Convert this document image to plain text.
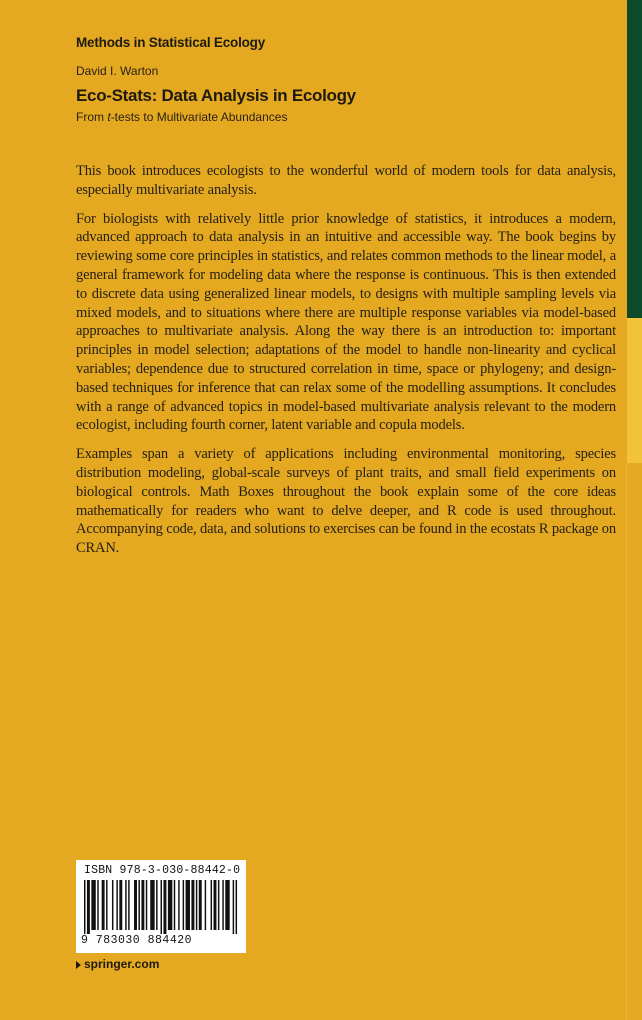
Methods in Statistical Ecology
David I. Warton
Eco-Stats: Data Analysis in Ecology
From t-tests to Multivariate Abundances

This book introduces ecologists to the wonderful world of modern tools for data analysis, especially multivariate analysis.

For biologists with relatively little prior knowledge of statistics, it introduces a modern, advanced approach to data analysis in an intuitive and accessible way. The book begins by reviewing some core principles in statistics, and relates common methods to the linear model, a general framework for modeling data where the response is continuous. This is then extended to discrete data using generalized linear models, to designs with multiple sampling levels via mixed models, and to situations where there are multiple response variables via model-based approaches to multivariate analysis. Along the way there is an introduction to: important principles in model selection; adaptations of the model to handle non-linearity and cyclical variables; dependence due to structured correlation in time, space or phylogeny; and design-based techniques for inference that can relax some of the modelling assumptions. It concludes with a range of advanced topics in model-based multivariate analysis relevant to the modern ecologist, including fourth corner, latent variable and copula models.

Examples span a variety of applications including environmental monitoring, species distribution modeling, global-scale surveys of plant traits, and small field experiments on biological controls. Math Boxes throughout the book explain some of the core ideas mathematically for readers who want to delve deeper, and R code is used throughout. Accompanying code, data, and solutions to exercises can be found in the ecostats R package on CRAN.

ISBN 978-3-030-88442-0
9 783030 884420
springer.com
